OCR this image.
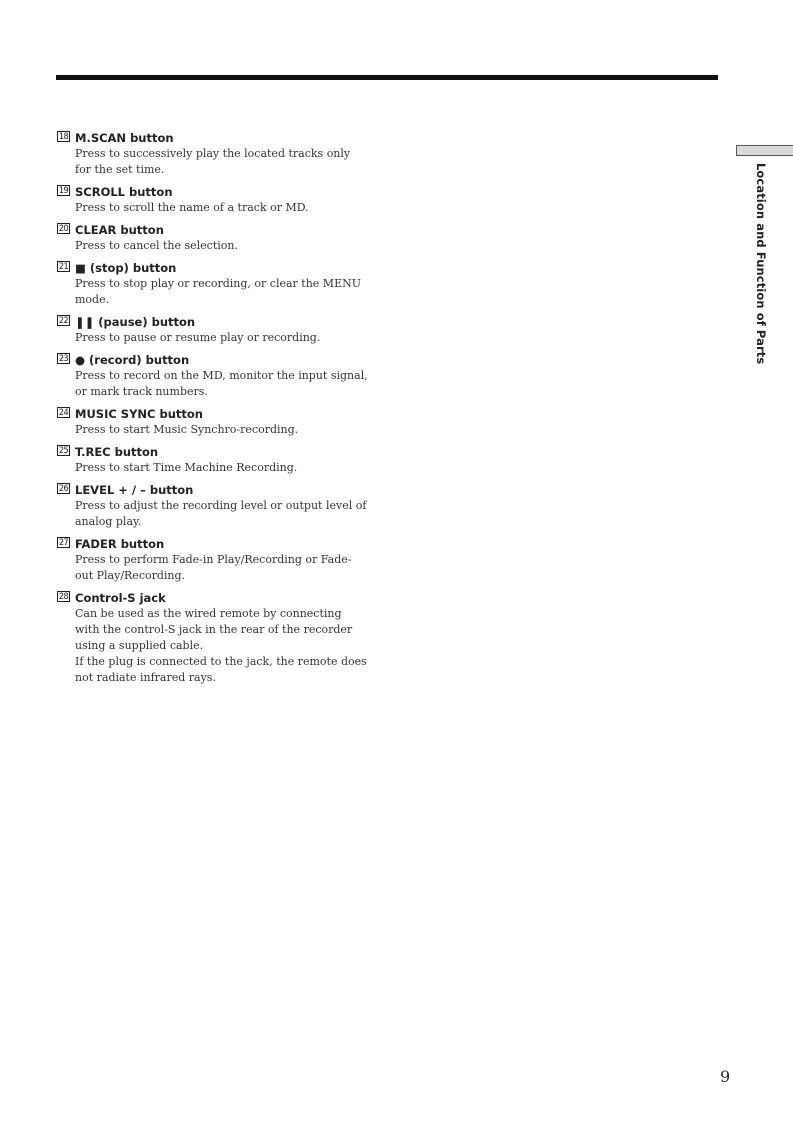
Location and Function of Parts
18 M.SCAN button
Press to successively play the located tracks only
for the set time.
19 SCROLL button
Press to scroll the name of a track or MD.
20 CLEAR button
Press to cancel the selection.
21 ■ (stop) button
Press to stop play or recording, or clear the MENU
mode.
22 ❚❚ (pause) button
Press to pause or resume play or recording.
23 ● (record) button
Press to record on the MD, monitor the input signal,
or mark track numbers.
24 MUSIC SYNC button
Press to start Music Synchro-recording.
25 T.REC button
Press to start Time Machine Recording.
26 LEVEL + / – button
Press to adjust the recording level or output level of
analog play.
27 FADER button
Press to perform Fade-in Play/Recording or Fade-
out Play/Recording.
28 Control-S jack
Can be used as the wired remote by connecting
with the control-S jack in the rear of the recorder
using a supplied cable.
If the plug is connected to the jack, the remote does
not radiate infrared rays.
9
